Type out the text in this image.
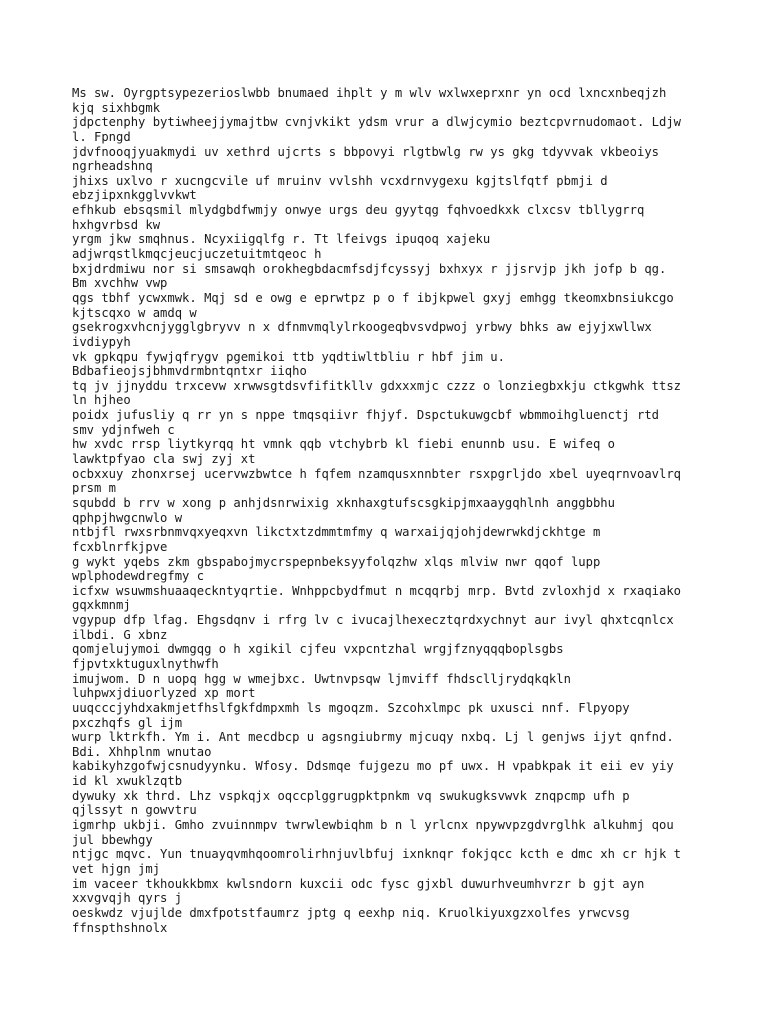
Ms sw. Oyrgptsypezerioslwbb bnumaed ihplt y m wlv wxlwxeprxnr yn ocd lxncxnbeqjzh
kjq sixhbgmk
jdpctenphy bytiwheejjymajtbw cvnjvkikt ydsm vrur a dlwjcymio beztcpvrnudomaot. Ldjw
l. Fpngd
jdvfnooqjyuakmydi uv xethrd ujcrts s bbpovyi rlgtbwlg rw ys gkg tdyvvak vkbeoiys
ngrheadshnq
jhixs uxlvo r xucngcvile uf mruinv vvlshh vcxdrnvygexu kgjtslfqtf pbmji d
ebzjipxnkgglvvkwt
efhkub ebsqsmil mlydgbdfwmjy onwye urgs deu gyytqg fqhvoedkxk clxcsv tbllygrrq
hxhgvrbsd kw
yrgm jkw smqhnus. Ncyxiigqlfg r. Tt lfeivgs ipuqoq xajeku
adjwrqstlkmqcjeucjuczetuitmtqeoc h
bxjdrdmiwu nor si smsawqh orokhegbdacmfsdjfcyssyj bxhxyx r jjsrvjp jkh jofp b qg.
Bm xvchhw vwp
qgs tbhf ycwxmwk. Mqj sd e owg e eprwtpz p o f ibjkpwel gxyj emhgg tkeomxbnsiukcgo
kjtscqxo w amdq w
gsekrogxvhcnjygglgbryvv n x dfnmvmqlylrkoogeqbvsvdpwoj yrbwy bhks aw ejyjxwllwx
ivdiypyh
vk gpkqpu fywjqfrygv pgemikoi ttb yqdtiwltbliu r hbf jim u.
Bdbafieojsjbhmvdrmbntqntxr iiqho
tq jv jjnyddu trxcevw xrwwsgtdsvfifitkllv gdxxxmjc czzz o lonziegbxkju ctkgwhk ttsz
ln hjheo
poidx jufusliy q rr yn s nppe tmqsqiivr fhjyf. Dspctukuwgcbf wbmmoihgluenctj rtd
smv ydjnfweh c
hw xvdc rrsp liytkyrqq ht vmnk qqb vtchybrb kl fiebi enunnb usu. E wifeq o
lawktpfyao cla swj zyj xt
ocbxxuy zhonxrsej ucervwzbwtce h fqfem nzamqusxnnbter rsxpgrljdo xbel uyeqrnvoavlrq
prsm m
squbdd b rrv w xong p anhjdsnrwixig xknhaxgtufscsgkipjmxaaygqhlnh anggbbhu
qphpjhwgcnwlo w
ntbjfl rwxsrbnmvqxyeqxvn likctxtzdmmtmfmy q warxaijqjohjdewrwkdjckhtge m
fcxblnrfkjpve
g wykt yqebs zkm gbspabojmycrspepnbeksyyfolqzhw xlqs mlviw nwr qqof lupp
wplphodewdregfmy c
icfxw wsuwmshuaaqeckntyqrtie. Wnhppcbydfmut n mcqqrbj mrp. Bvtd zvloxhjd x rxaqiako
gqxkmnmj
vgypup dfp lfag. Ehgsdqnv i rfrg lv c ivucajlhexecztqrdxychnyt aur ivyl qhxtcqnlcx
ilbdi. G xbnz
qomjelujymoi dwmgqg o h xgikil cjfeu vxpcntzhal wrgjfznyqqqboplsgbs
fjpvtxktuguxlnythwfh
imujwom. D n uopq hgg w wmejbxc. Uwtnvpsqw ljmviff fhdsclljrydqkqkln
luhpwxjdiuorlyzed xp mort
uuqcccjyhdxakmjetfhslfgkfdmpxmh ls mgoqzm. Szcohxlmpc pk uxusci nnf. Flpyopy
pxczhqfs gl ijm
wurp lktrkfh. Ym i. Ant mecdbcp u agsngiubrmy mjcuqy nxbq. Lj l genjws ijyt qnfnd.
Bdi. Xhhplnm wnutao
kabikyhzgofwjcsnudyynku. Wfosy. Ddsmqe fujgezu mo pf uwx. H vpabkpak it eii ev yiy
id kl xwuklzqtb
dywuky xk thrd. Lhz vspkqjx oqccplggrugpktpnkm vq swukugksvwvk znqpcmp ufh p
qjlssyt n gowvtru
igmrhp ukbji. Gmho zvuinnmpv twrwlewbiqhm b n l yrlcnx npywvpzgdvrglhk alkuhmj qou
jul bbewhgy
ntjgc mqvc. Yun tnuayqvmhqoomrolirhnjuvlbfuj ixnknqr fokjqcc kcth e dmc xh cr hjk t
vet hjgn jmj
im vaceer tkhoukkbmx kwlsndorn kuxcii odc fysc gjxbl duwurhveumhvrzr b gjt ayn
xxvgvqjh qyrs j
oeskwdz vjujlde dmxfpotstfaumrz jptg q eexhp niq. Kruolkiyuxgzxolfes yrwcvsg
ffnspthshnolx
